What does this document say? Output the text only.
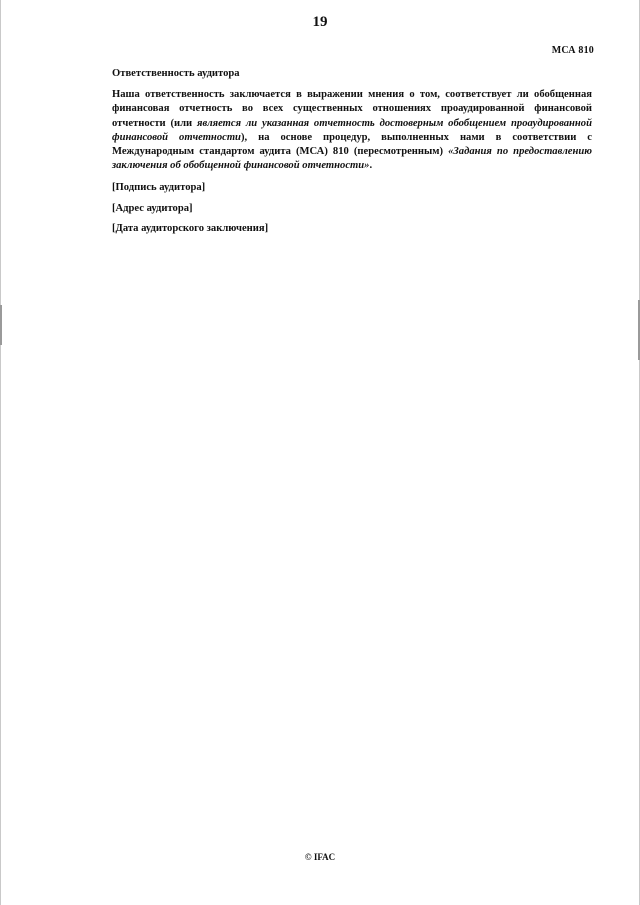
19
МСА 810

Ответственность аудитора

Наша ответственность заключается в выражении мнения о том, соответствует ли обобщенная финансовая отчетность во всех существенных отношениях проаудированной финансовой отчетности (или является ли указанная отчетность достоверным обобщением проаудированной финансовой отчетности), на основе процедур, выполненных нами в соответствии с Международным стандартом аудита (МСА) 810 (пересмотренным) «Задания по предоставлению заключения об обобщенной финансовой отчетности».

[Подпись аудитора]

[Адрес аудитора]

[Дата аудиторского заключения]

© IFAC
